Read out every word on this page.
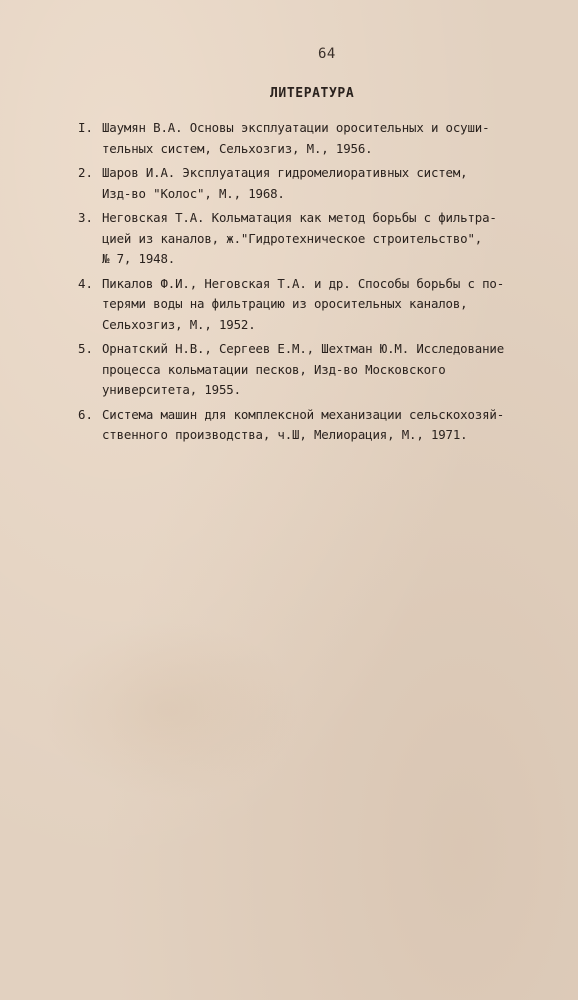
64
ЛИТЕРАТУРА
I. Шаумян В.А. Основы эксплуатации оросительных и осуши-
тельных систем, Сельхозгиз, М., 1956.
2. Шаров И.А. Эксплуатация гидромелиоративных систем,
Изд-во "Колос", М., 1968.
3. Неговская Т.А. Кольматация как метод борьбы с фильтра-
цией из каналов, ж."Гидротехническое строительство",
№ 7, 1948.
4. Пикалов Ф.И., Неговская Т.А. и др. Способы борьбы с по-
терями воды на фильтрацию из оросительных каналов,
Сельхозгиз, М., 1952.
5. Орнатский Н.В., Сергеев Е.М., Шехтман Ю.М. Исследование
процесса кольматации песков, Изд-во Московского
университета, 1955.
6. Система машин для комплексной механизации сельскохозяй-
ственного производства, ч.Ш, Мелиорация, М., 1971.
